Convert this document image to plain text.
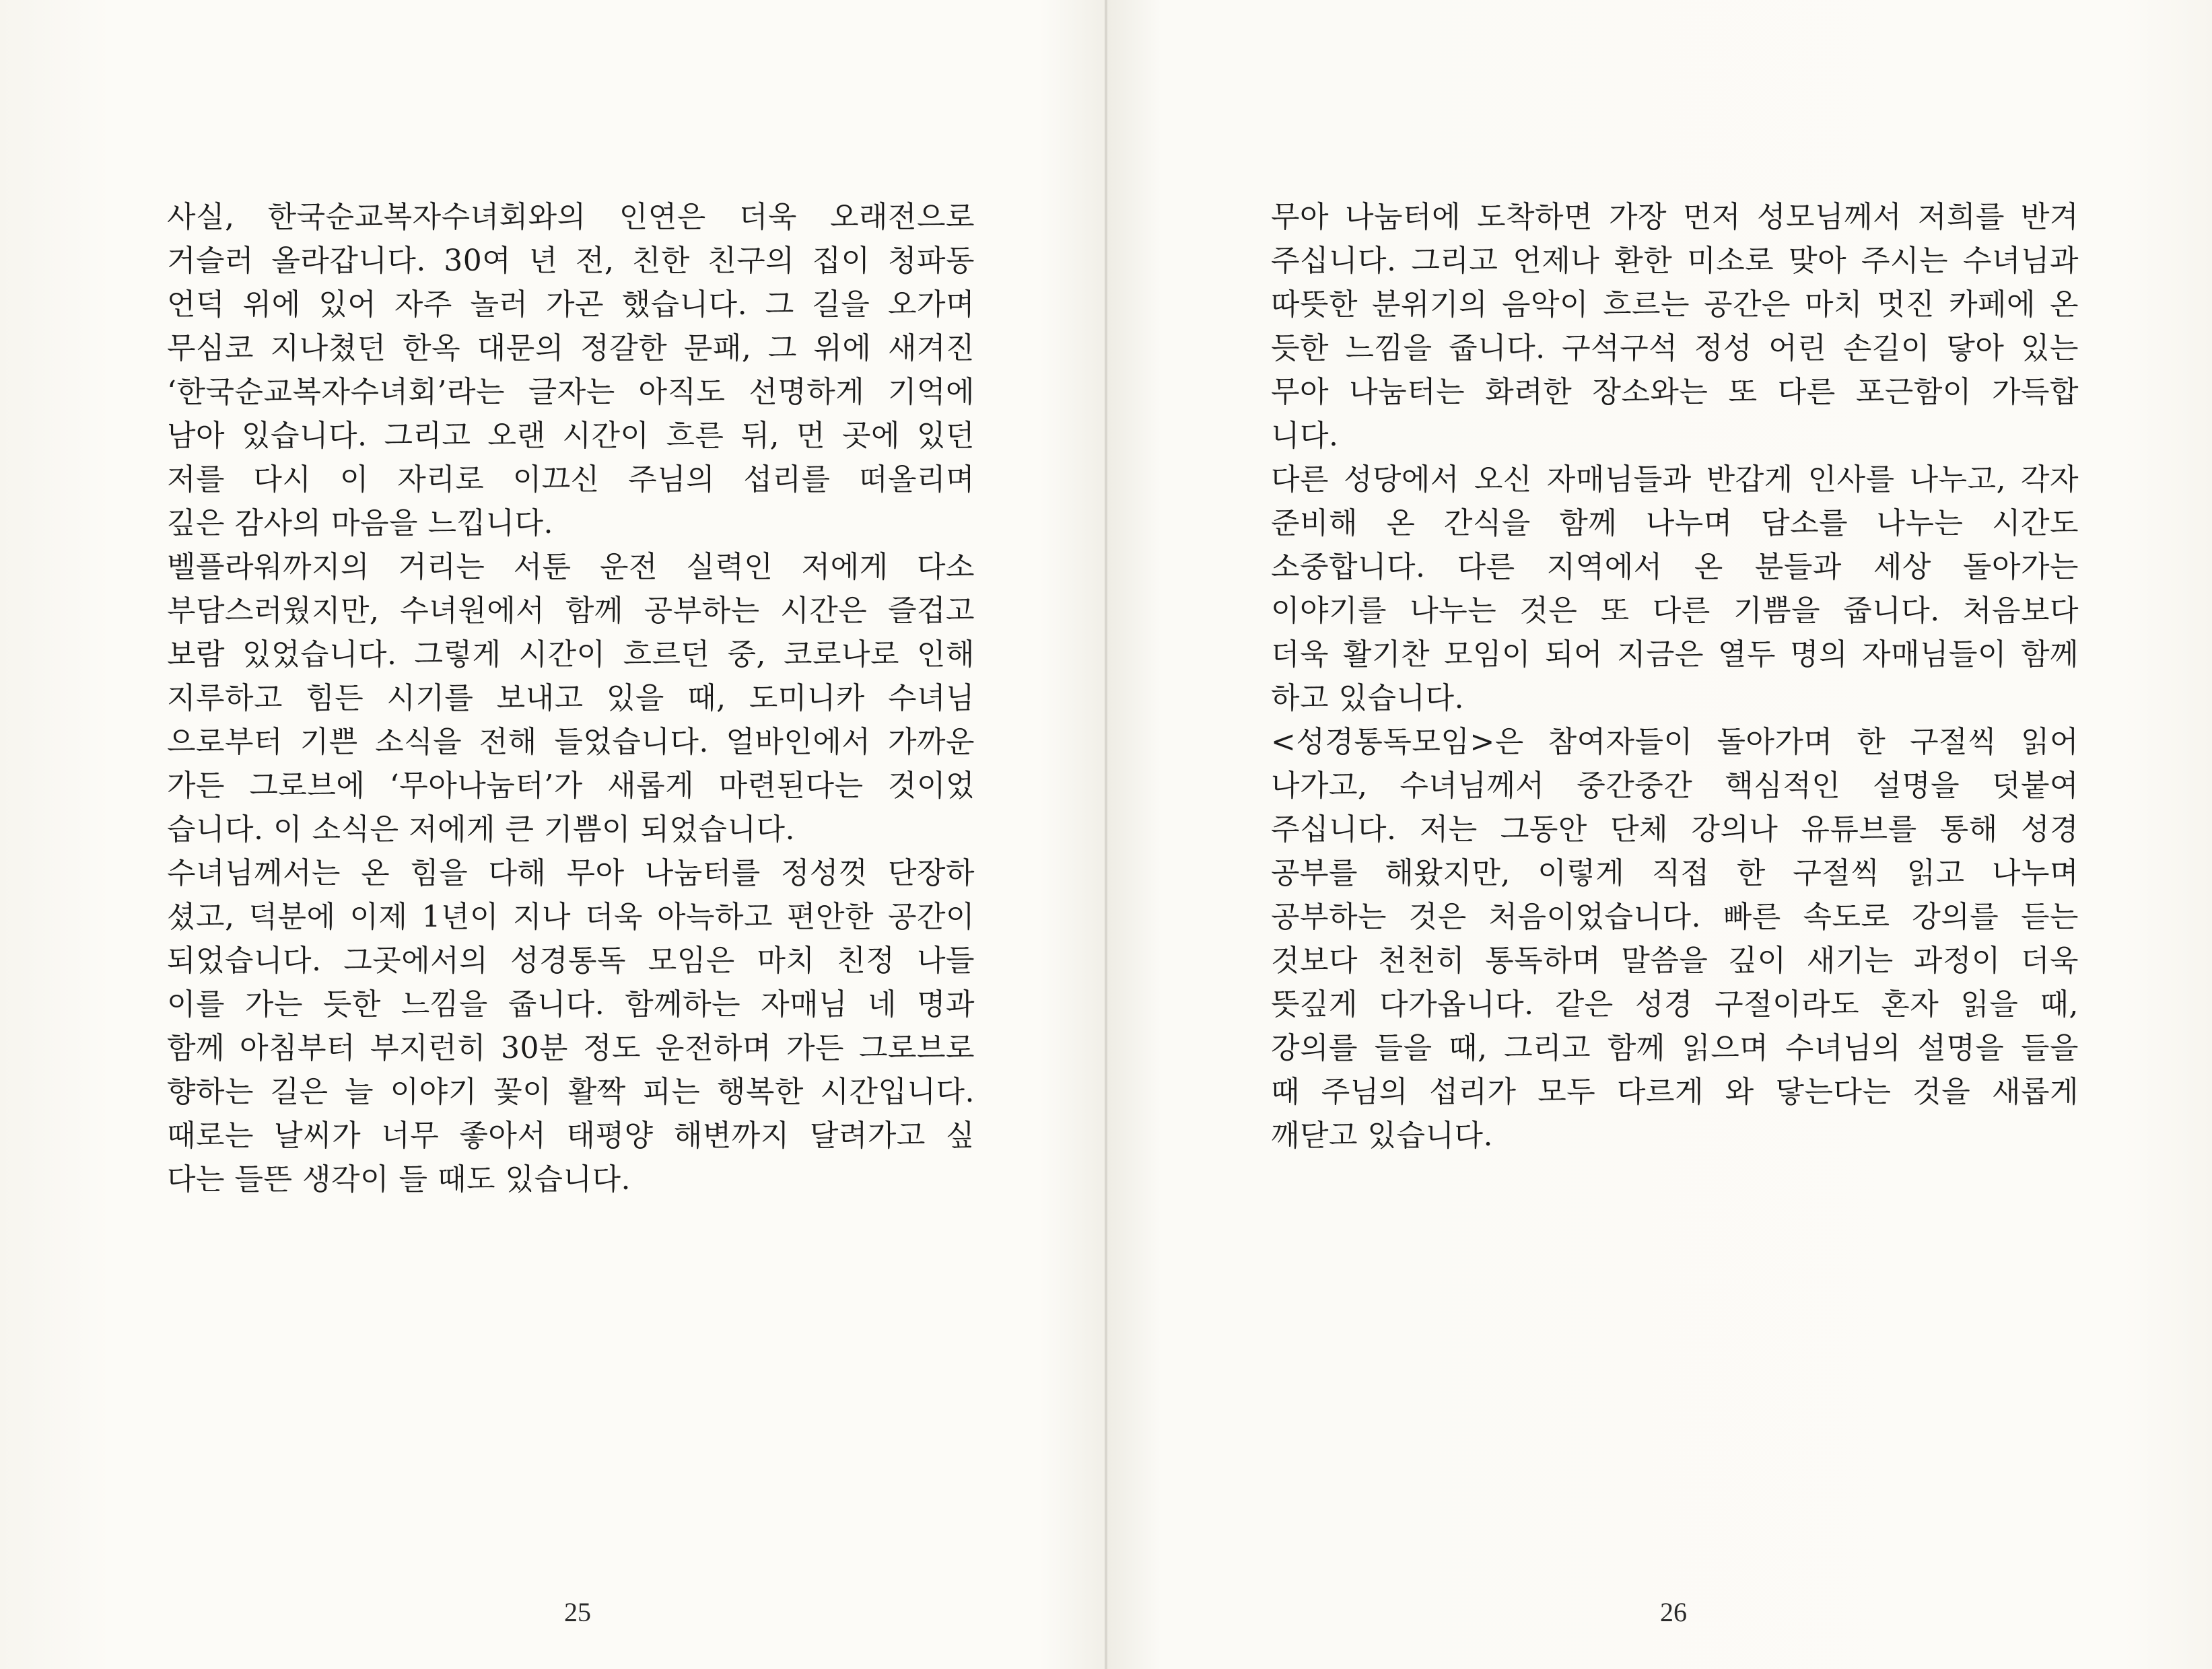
사실, 한국순교복자수녀회와의 인연은 더욱 오래전으로
거슬러 올라갑니다. 30여 년 전, 친한 친구의 집이 청파동
언덕 위에 있어 자주 놀러 가곤 했습니다. 그 길을 오가며
무심코 지나쳤던 한옥 대문의 정갈한 문패, 그 위에 새겨진
‘한국순교복자수녀회’라는 글자는 아직도 선명하게 기억에
남아 있습니다. 그리고 오랜 시간이 흐른 뒤, 먼 곳에 있던
저를 다시 이 자리로 이끄신 주님의 섭리를 떠올리며
깊은 감사의 마음을 느낍니다.
벨플라워까지의 거리는 서툰 운전 실력인 저에게 다소
부담스러웠지만, 수녀원에서 함께 공부하는 시간은 즐겁고
보람 있었습니다. 그렇게 시간이 흐르던 중, 코로나로 인해
지루하고 힘든 시기를 보내고 있을 때, 도미니카 수녀님
으로부터 기쁜 소식을 전해 들었습니다. 얼바인에서 가까운
가든 그로브에 ‘무아나눔터’가 새롭게 마련된다는 것이었
습니다. 이 소식은 저에게 큰 기쁨이 되었습니다.
수녀님께서는 온 힘을 다해 무아 나눔터를 정성껏 단장하
셨고, 덕분에 이제 1년이 지나 더욱 아늑하고 편안한 공간이
되었습니다. 그곳에서의 성경통독 모임은 마치 친정 나들
이를 가는 듯한 느낌을 줍니다. 함께하는 자매님 네 명과
함께 아침부터 부지런히 30분 정도 운전하며 가든 그로브로
향하는 길은 늘 이야기 꽃이 활짝 피는 행복한 시간입니다.
때로는 날씨가 너무 좋아서 태평양 해변까지 달려가고 싶
다는 들뜬 생각이 들 때도 있습니다.
25
무아 나눔터에 도착하면 가장 먼저 성모님께서 저희를 반겨
주십니다. 그리고 언제나 환한 미소로 맞아 주시는 수녀님과
따뜻한 분위기의 음악이 흐르는 공간은 마치 멋진 카페에 온
듯한 느낌을 줍니다. 구석구석 정성 어린 손길이 닿아 있는
무아 나눔터는 화려한 장소와는 또 다른 포근함이 가득합
니다.
다른 성당에서 오신 자매님들과 반갑게 인사를 나누고, 각자
준비해 온 간식을 함께 나누며 담소를 나누는 시간도
소중합니다. 다른 지역에서 온 분들과 세상 돌아가는
이야기를 나누는 것은 또 다른 기쁨을 줍니다. 처음보다
더욱 활기찬 모임이 되어 지금은 열두 명의 자매님들이 함께
하고 있습니다.
<성경통독모임>은 참여자들이 돌아가며 한 구절씩 읽어
나가고, 수녀님께서 중간중간 핵심적인 설명을 덧붙여
주십니다. 저는 그동안 단체 강의나 유튜브를 통해 성경
공부를 해왔지만, 이렇게 직접 한 구절씩 읽고 나누며
공부하는 것은 처음이었습니다. 빠른 속도로 강의를 듣는
것보다 천천히 통독하며 말씀을 깊이 새기는 과정이 더욱
뜻깊게 다가옵니다. 같은 성경 구절이라도 혼자 읽을 때,
강의를 들을 때, 그리고 함께 읽으며 수녀님의 설명을 들을
때 주님의 섭리가 모두 다르게 와 닿는다는 것을 새롭게
깨닫고 있습니다.
26
